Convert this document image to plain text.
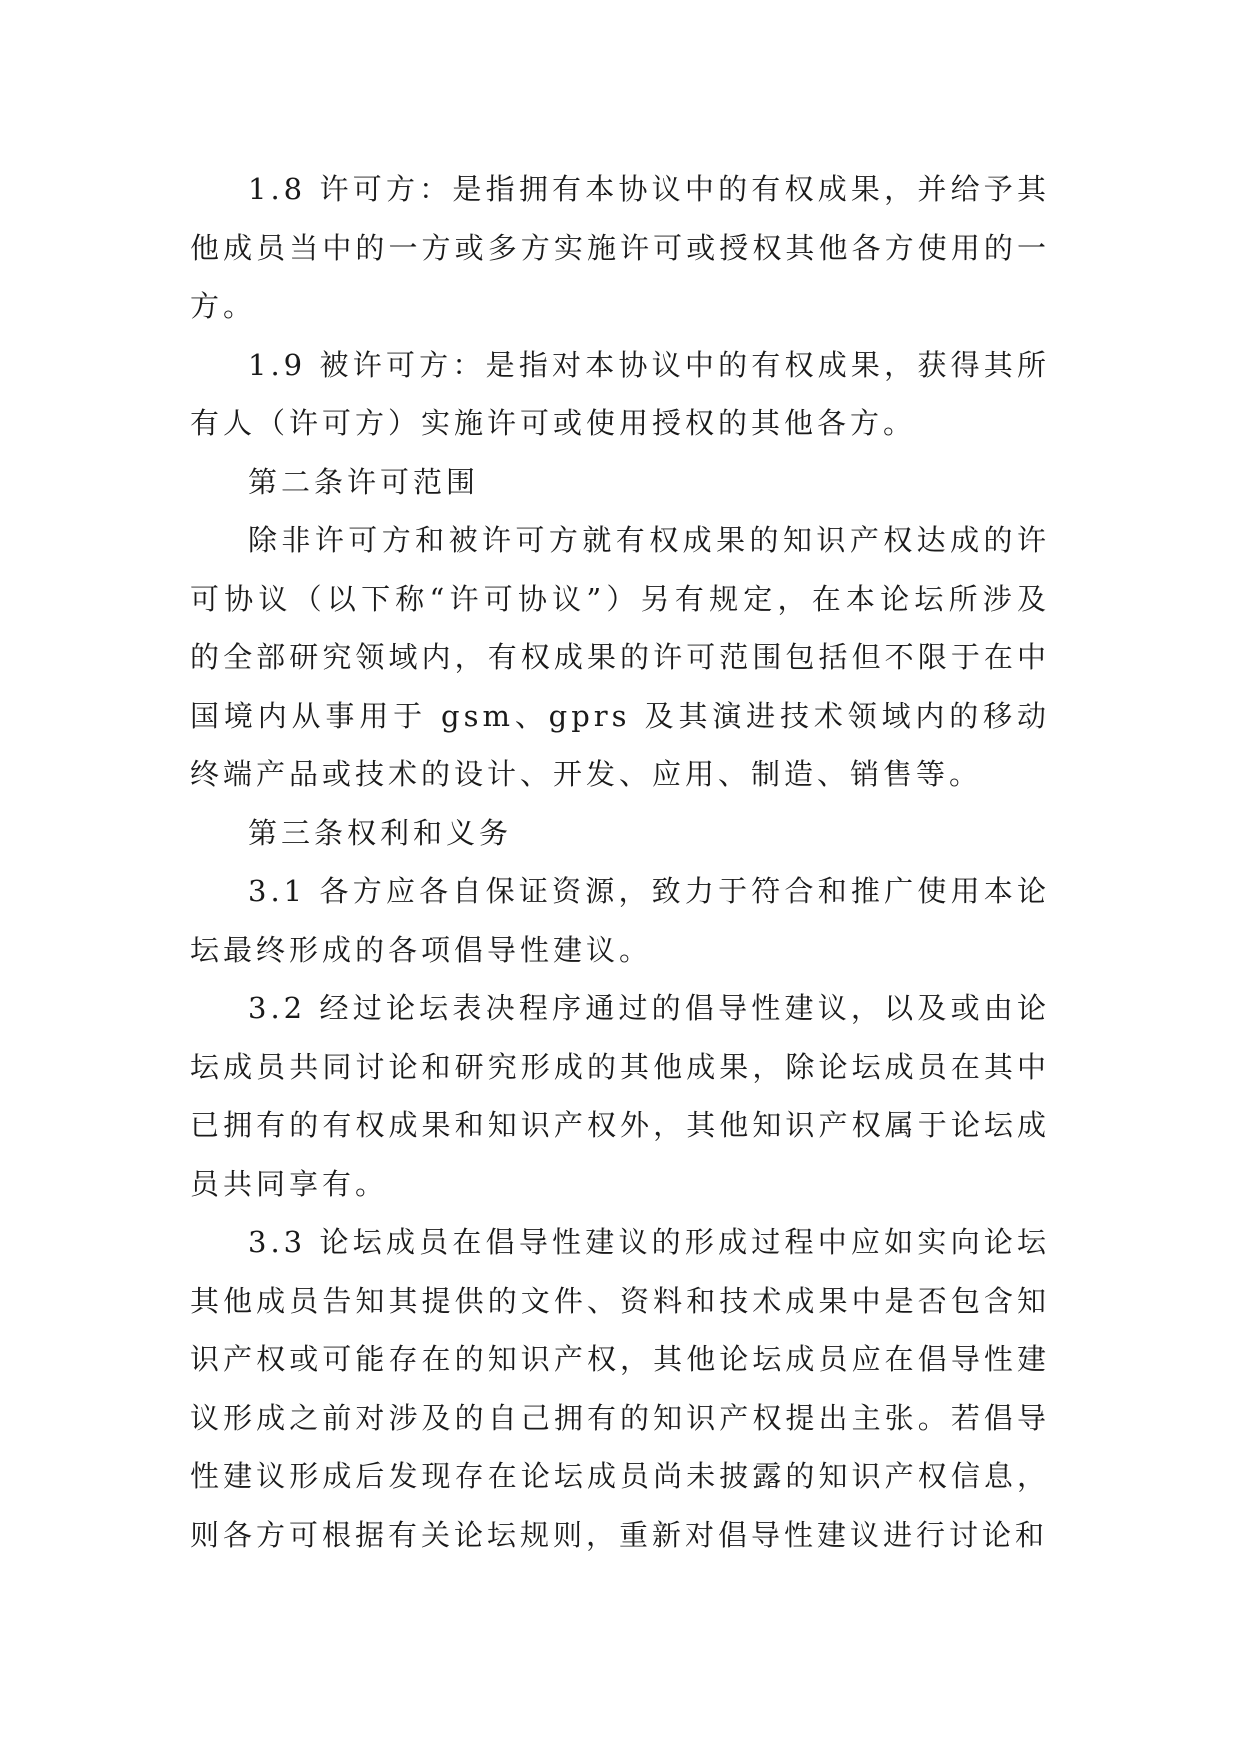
1.8 许可方：是指拥有本协议中的有权成果，并给予其他成员当中的一方或多方实施许可或授权其他各方使用的一方。

1.9 被许可方：是指对本协议中的有权成果，获得其所有人（许可方）实施许可或使用授权的其他各方。

第二条许可范围

除非许可方和被许可方就有权成果的知识产权达成的许可协议（以下称“许可协议”）另有规定，在本论坛所涉及的全部研究领域内，有权成果的许可范围包括但不限于在中国境内从事用于 gsm、gprs 及其演进技术领域内的移动终端产品或技术的设计、开发、应用、制造、销售等。

第三条权利和义务

3.1 各方应各自保证资源，致力于符合和推广使用本论坛最终形成的各项倡导性建议。

3.2 经过论坛表决程序通过的倡导性建议，以及或由论坛成员共同讨论和研究形成的其他成果，除论坛成员在其中已拥有的有权成果和知识产权外，其他知识产权属于论坛成员共同享有。

3.3 论坛成员在倡导性建议的形成过程中应如实向论坛其他成员告知其提供的文件、资料和技术成果中是否包含知识产权或可能存在的知识产权，其他论坛成员应在倡导性建议形成之前对涉及的自己拥有的知识产权提出主张。若倡导性建议形成后发现存在论坛成员尚未披露的知识产权信息，则各方可根据有关论坛规则，重新对倡导性建议进行讨论和
